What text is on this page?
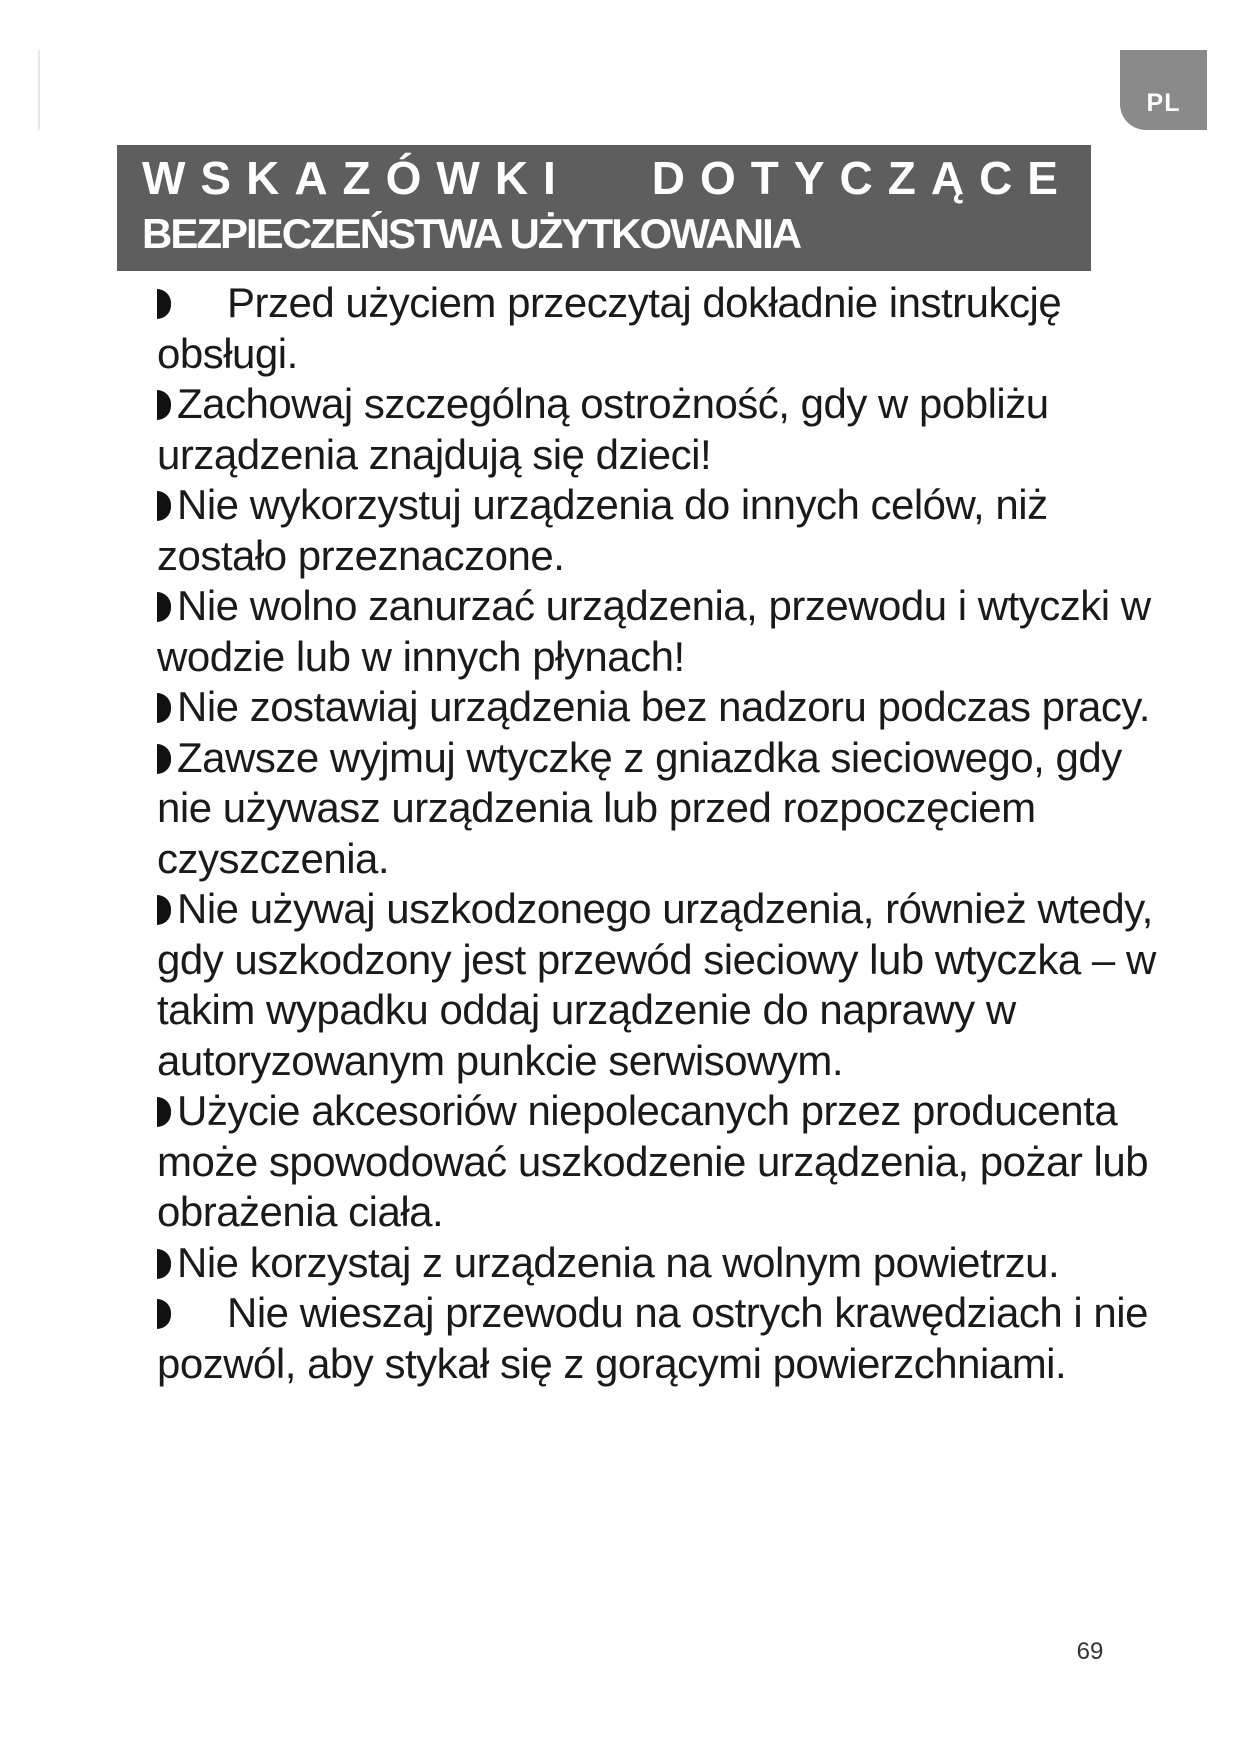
PL
WSKAZÓWKI DOTYCZĄCE
BEZPIECZEŃSTWA UŻYTKOWANIA
Przed użyciem przeczytaj dokładnie instrukcję obsługi.
Zachowaj szczególną ostrożność, gdy w pobliżu urządzenia znajdują się dzieci!
Nie wykorzystuj urządzenia do innych celów, niż zostało przeznaczone.
Nie wolno zanurzać urządzenia, przewodu i wtyczki w wodzie lub w innych płynach!
Nie zostawiaj urządzenia bez nadzoru podczas pracy.
Zawsze wyjmuj wtyczkę z gniazdka sieciowego, gdy nie używasz urządzenia lub przed rozpoczęciem czyszczenia.
Nie używaj uszkodzonego urządzenia, również wtedy, gdy uszkodzony jest przewód sieciowy lub wtyczka – w takim wypadku oddaj urządzenie do naprawy w autoryzowanym punkcie serwisowym.
Użycie akcesoriów niepolecanych przez producenta może spowodować uszkodzenie urządzenia, pożar lub obrażenia ciała.
Nie korzystaj z urządzenia na wolnym powietrzu.
Nie wieszaj przewodu na ostrych krawędziach i nie pozwól, aby stykał się z gorącymi powierzchniami.
69
